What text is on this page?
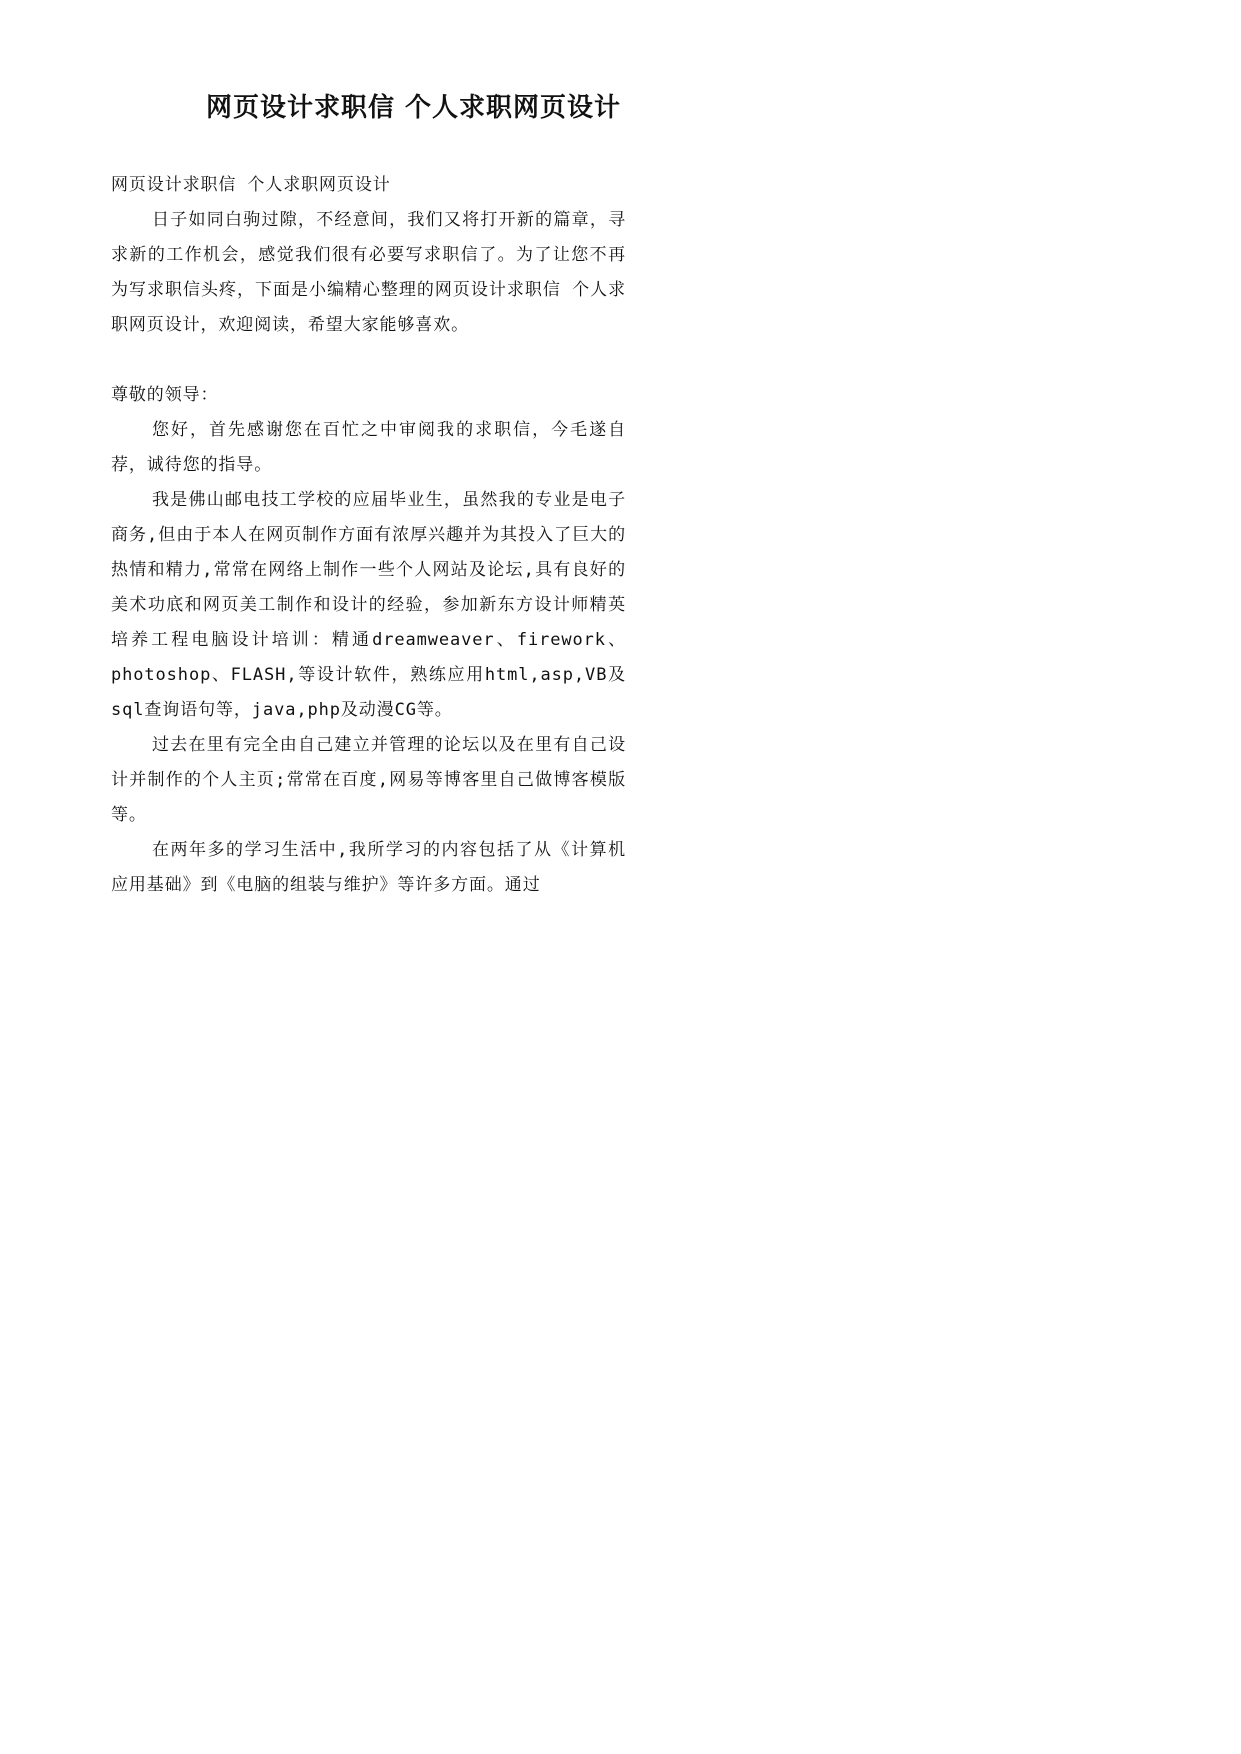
网页设计求职信 个人求职网页设计

网页设计求职信 个人求职网页设计

日子如同白驹过隙，不经意间，我们又将打开新的篇章，寻求新的工作机会，感觉我们很有必要写求职信了。为了让您不再为写求职信头疼，下面是小编精心整理的网页设计求职信 个人求职网页设计，欢迎阅读，希望大家能够喜欢。

尊敬的领导：

您好，首先感谢您在百忙之中审阅我的求职信，今毛遂自荐，诚待您的指导。

我是佛山邮电技工学校的应届毕业生，虽然我的专业是电子商务,但由于本人在网页制作方面有浓厚兴趣并为其投入了巨大的热情和精力,常常在网络上制作一些个人网站及论坛,具有良好的美术功底和网页美工制作和设计的经验，参加新东方设计师精英培养工程电脑设计培训：精通dreamweaver、firework、photoshop、FLASH,等设计软件，熟练应用html,asp,VB及sql查询语句等，java,php及动漫CG等。

过去在里有完全由自己建立并管理的论坛以及在里有自己设计并制作的个人主页;常常在百度,网易等博客里自己做博客模版等。

在两年多的学习生活中,我所学习的内容包括了从《计算机应用基础》到《电脑的组装与维护》等许多方面。通过
